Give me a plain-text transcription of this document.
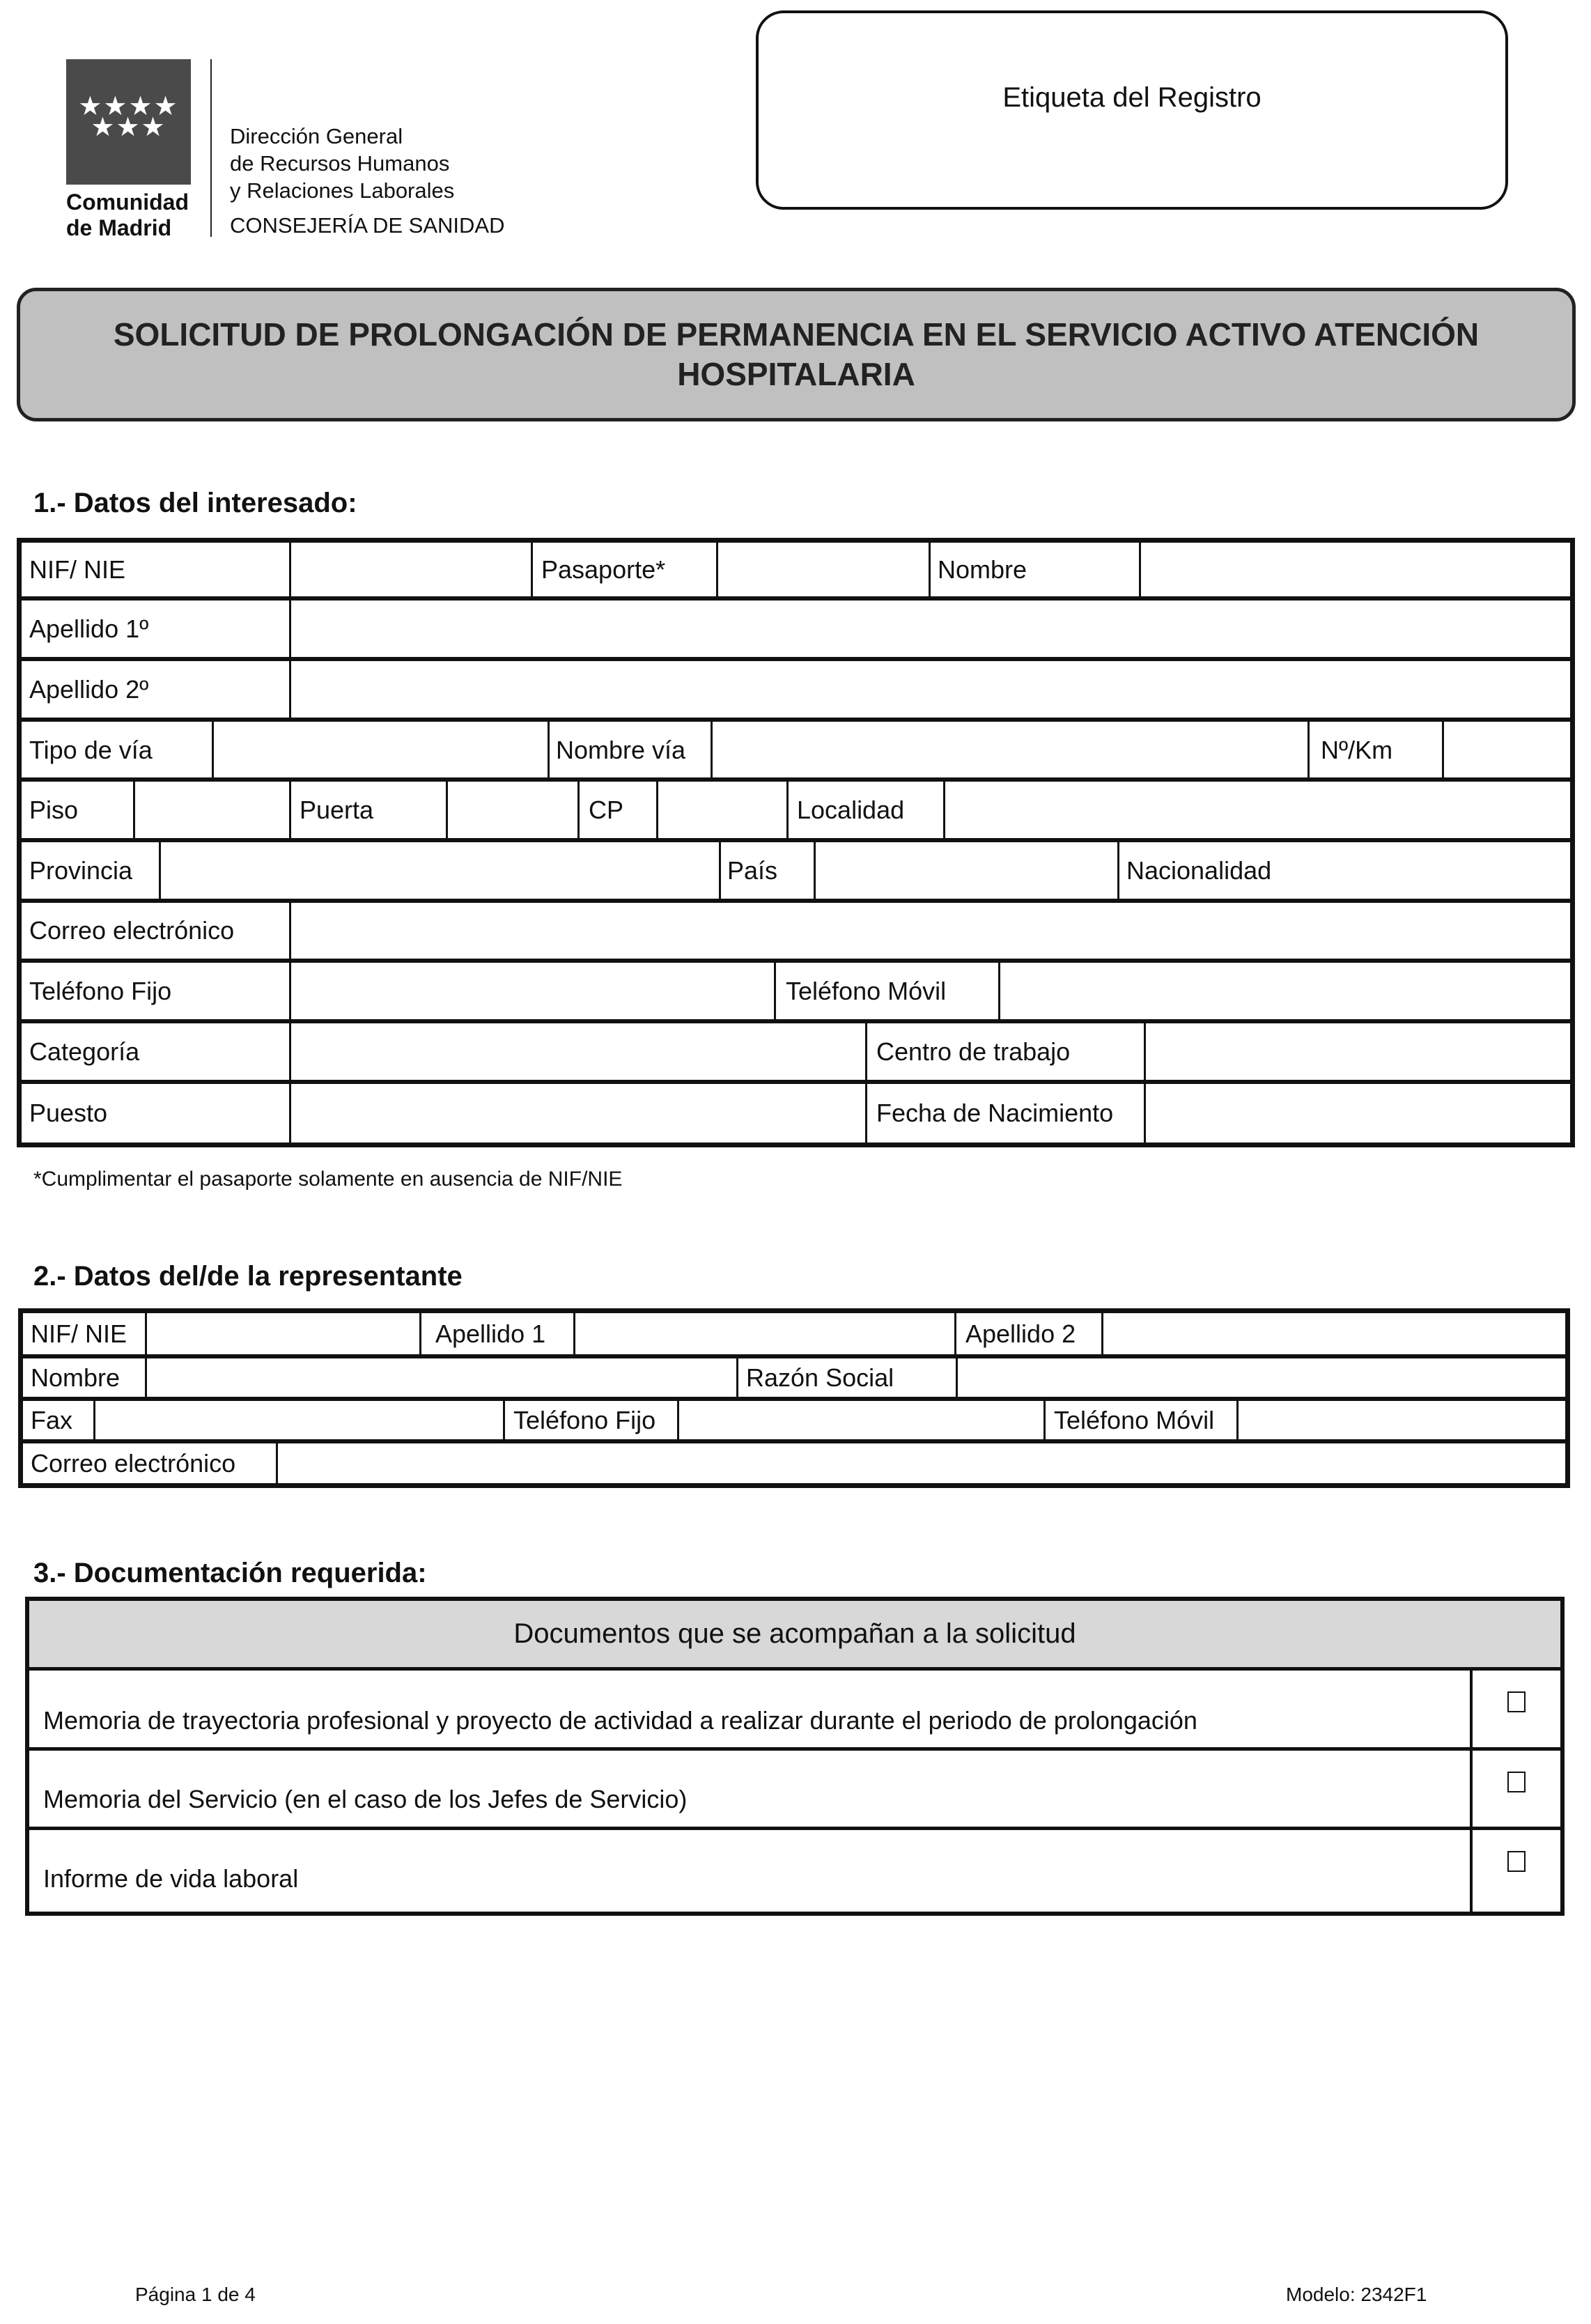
★★★★
★★★
Comunidad
de Madrid
Dirección General
de Recursos Humanos
y Relaciones Laborales
CONSEJERÍA DE SANIDAD
Etiqueta del Registro
SOLICITUD DE PROLONGACIÓN DE PERMANENCIA EN EL SERVICIO ACTIVO ATENCIÓN HOSPITALARIA
1.- Datos del interesado:
NIF/ NIE	Pasaporte*	Nombre
Apellido 1º
Apellido 2º
Tipo de vía	Nombre vía	Nº/Km
Piso	Puerta	CP	Localidad
Provincia	País	Nacionalidad
Correo electrónico
Teléfono Fijo	Teléfono Móvil
Categoría	Centro de trabajo
Puesto	Fecha de Nacimiento
*Cumplimentar el pasaporte solamente en ausencia de NIF/NIE
2.- Datos del/de la representante
NIF/ NIE	Apellido 1	Apellido 2
Nombre	Razón Social
Fax	Teléfono Fijo	Teléfono Móvil
Correo electrónico
3.- Documentación requerida:
Documentos que se acompañan a la solicitud
Memoria de trayectoria profesional y proyecto de actividad a realizar durante el periodo de prolongación
Memoria del Servicio (en el caso de los Jefes de Servicio)
Informe de vida laboral
Página 1 de 4	Modelo: 2342F1
